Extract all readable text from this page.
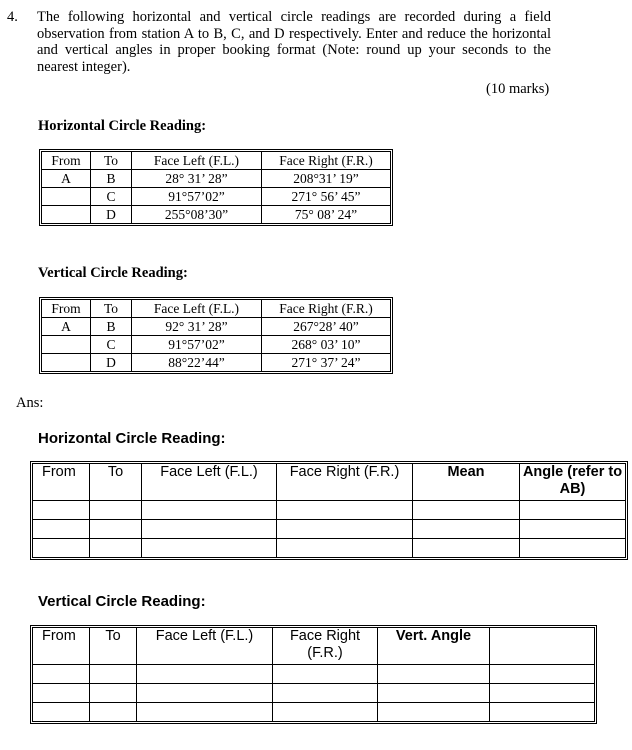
4. The following horizontal and vertical circle readings are recorded during a field observation from station A to B, C, and D respectively. Enter and reduce the horizontal and vertical angles in proper booking format (Note: round up your seconds to the nearest integer).
(10 marks)
Horizontal Circle Reading:
From	To	Face Left (F.L.)	Face Right (F.R.)
A	B	28° 31’ 28”	208°31’ 19”
	C	91°57’02”	271° 56’ 45”
	D	255°08’30”	75° 08’ 24”
Vertical Circle Reading:
From	To	Face Left (F.L.)	Face Right (F.R.)
A	B	92° 31’ 28”	267°28’ 40”
	C	91°57’02”	268° 03’ 10”
	D	88°22’44”	271° 37’ 24”
Ans:
Horizontal Circle Reading:
From	To	Face Left (F.L.)	Face Right (F.R.)	Mean	Angle (refer to AB)

Vertical Circle Reading:
From	To	Face Left (F.L.)	Face Right (F.R.)	Vert. Angle	
